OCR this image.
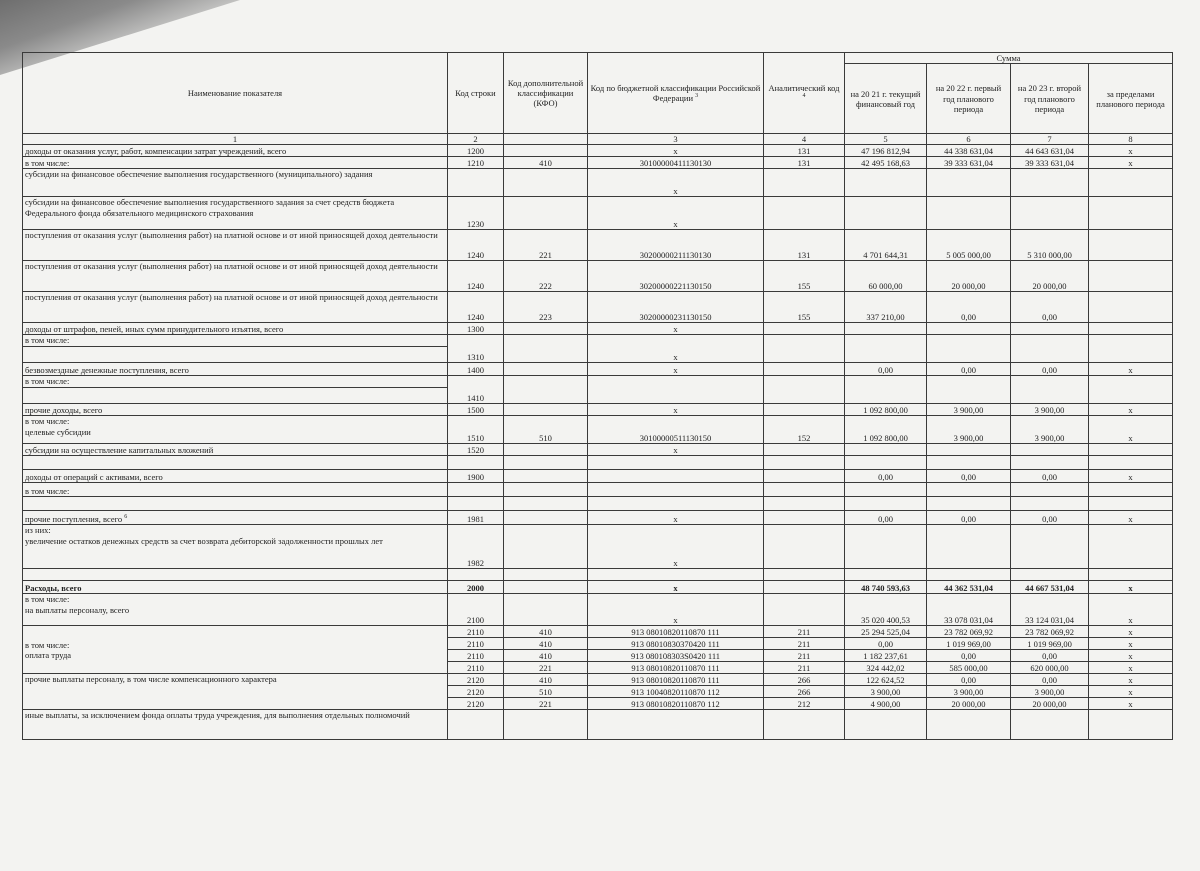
Наименование показателя	Код строки	Код дополнительной классификации (КФО)	Код по бюджетной классификации Российской Федерации $^3$	Аналитический код $^4$	Сумма			
					на 20 21 г. текущий финансовый год	на 20 22 г. первый год планового периода	на 20 23 г. второй год планового периода	за пределами планового периода
1	2		3	4	5	6	7	8
доходы от оказания услуг, работ, компенсации затрат учреждений, всего	1200		x	131	47 196 812,94	44 338 631,04	44 643 631,04	x
в том числе:	1210	410	30100000411130130	131	42 495 168,63	39 333 631,04	39 333 631,04	x
субсидии на финансовое обеспечение выполнения государственного (муниципального) задания			x					
субсидии на финансовое обеспечение выполнения государственного задания за счет средств бюджета Федерального фонда обязательного медицинского страхования	1230		x					
поступления от оказания услуг (выполнения работ) на платной основе и от иной приносящей доход деятельности	1240	221	30200000211130130	131	4 701 644,31	5 005 000,00	5 310 000,00	
поступления от оказания услуг (выполнения работ) на платной основе и от иной приносящей доход деятельности	1240	222	30200000221130150	155	60 000,00	20 000,00	20 000,00	
поступления от оказания услуг (выполнения работ) на платной основе и от иной приносящей доход деятельности	1240	223	30200000231130150	155	337 210,00	0,00	0,00	
доходы от штрафов, пеней, иных сумм принудительного изъятия, всего	1300		x					

в том числе:	1310		x					
безвозмездные денежные поступления, всего	1400		x		0,00	0,00	0,00	x

в том числе:	1410							
прочие доходы, всего	1500		x		1 092 800,00	3 900,00	3 900,00	x

в том числе:
целевые субсидии	1510	510	30100000511130150	152	1 092 800,00	3 900,00	3 900,00	x
субсидии на осуществление капитальных вложений	1520		x					

доходы от операций с активами, всего	1900				0,00	0,00	0,00	x
в том числе:								

прочие поступления, всего $^6$	1981		x		0,00	0,00	0,00	x

из них:
увеличение остатков денежных средств за счет возврата дебиторской задолженности прошлых лет	1982		x					

Расходы, всего	2000		x		48 740 593,63	44 362 531,04	44 667 531,04	x

в том числе:
на выплаты персоналу, всего	2100		x		35 020 400,53	33 078 031,04	33 124 031,04	x

в том числе:
оплата труда	2110	410	913 08010820110870 111	211	25 294 525,04	23 782 069,92	23 782 069,92	x
	2110	410	913 08010830370420 111	211	0,00	1 019 969,00	1 019 969,00	x
	2110	410	913 080108303S0420 111	211	1 182 237,61	0,00	0,00	x
	2110	221	913 08010820110870 111	211	324 442,02	585 000,00	620 000,00	x
прочие выплаты персоналу, в том числе компенсационного характера	2120	410	913 08010820110870 111	266	122 624,52	0,00	0,00	x
	2120	510	913 10040820110870 112	266	3 900,00	3 900,00	3 900,00	x
	2120	221	913 08010820110870 112	212	4 900,00	20 000,00	20 000,00	x
иные выплаты, за исключением фонда оплаты труда учреждения, для выполнения отдельных полномочий								
